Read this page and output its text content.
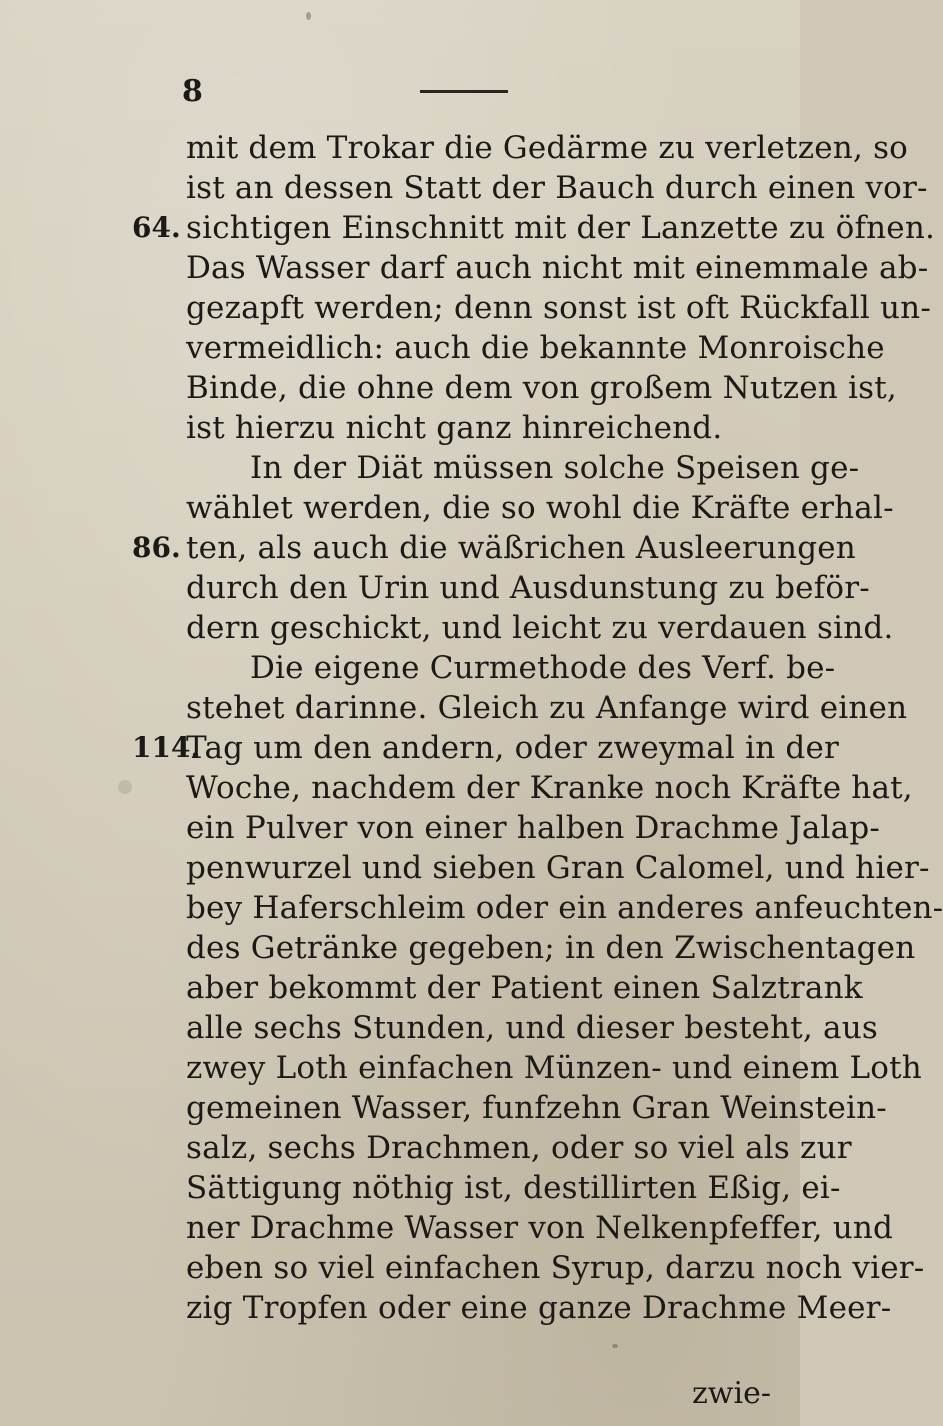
8
64.
86.
114.
mit dem Trokar die Gedärme zu verletzen, so
ist an dessen Statt der Bauch durch einen vor-
sichtigen Einschnitt mit der Lanzette zu öfnen.
Das Wasser darf auch nicht mit einemmale ab-
gezapft werden; denn sonst ist oft Rückfall un-
vermeidlich: auch die bekannte Monroische
Binde, die ohne dem von großem Nutzen ist,
ist hierzu nicht ganz hinreichend.
In der Diät müssen solche Speisen ge-
wählet werden, die so wohl die Kräfte erhal-
ten, als auch die wäßrichen Ausleerungen
durch den Urin und Ausdunstung zu beför-
dern geschickt, und leicht zu verdauen sind.
Die eigene Curmethode des Verf. be-
stehet darinne. Gleich zu Anfange wird einen
Tag um den andern, oder zweymal in der
Woche, nachdem der Kranke noch Kräfte hat,
ein Pulver von einer halben Drachme Jalap-
penwurzel und sieben Gran Calomel, und hier-
bey Haferschleim oder ein anderes anfeuchten-
des Getränke gegeben; in den Zwischentagen
aber bekommt der Patient einen Salztrank
alle sechs Stunden, und dieser besteht, aus
zwey Loth einfachen Münzen- und einem Loth
gemeinen Wasser, funfzehn Gran Weinstein-
salz, sechs Drachmen, oder so viel als zur
Sättigung nöthig ist, destillirten Eßig, ei-
ner Drachme Wasser von Nelkenpfeffer, und
eben so viel einfachen Syrup, darzu noch vier-
zig Tropfen oder eine ganze Drachme Meer-
zwie-
